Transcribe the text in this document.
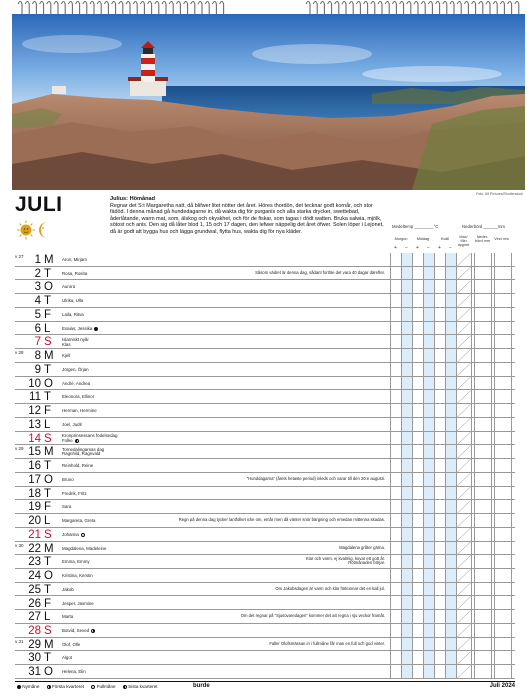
Foto: Alf Pictures/Shutterstock
JULI	Julius: Hömånad
Regnar det S:t Margaretha natt, då blifwer litet nötter det året. Höres thordön, det tecknar godt kornår, och stor fädöd. I denna månad gå hundedagarne in, då wakta dig för purganis och alla starka drycker, swettebad, åderlåtande, warm mat, som, älskog och okyskhet, och för de fiskar, som tagas i dödt watten. Bruka salwia, mjölk, sötost och anis. Den sig då låter blod 1, 15 och 17 dagen, den lefwer näppelig det året öfwer. Solen löper i Lejonet, då är godt att bygga hus och lägga grundwal, flytta hus, wakta dig för nya kläder.
Medeltemp ________°C	Nederbörd ______mm
Morgon	Middag	Kväll	Max/ Min dygnet
Neder- börd mm
Vind m/s
+	−	+	−	+	−
v 27 1 M Aron, Mirjam
2 T Rosa, Rosita	Såsom vädret är denna dag, sådant fortlöe det vara 40 dagar därefter.
3 O Aurora
4 T Ulrika, Ulla
5 F Laila, Ritva
6 L	Esaias, Jessika
7 S Islamiskt nyår
Klas
v 28 8 M Kjell
9 T Jörgen, Örjan
10 O André, Andrea
11 T Eleonora, Ellinor
12 F Herman, Hermine
13 L	Joel, Judit
14 S Kronprinsessans födelsedag
Folke
v 29 15 M Tornedalingarnas dag
Ragnhild, Ragnvald
16 T Reinhold, Reine
17 O Bruno	”Hunddagarna” (årets hetaste period) inleds och varar till den 20:e augusti.
18 T Fredrik, Fritz
19 F Sara
20 L	Margareta, Greta	Regn på denna dag tycker lantfolket icke om, emår men då vänter snör bärgning och emedan mittenna skadas.
21 S Johanna
v 30 22 M Magdalena, Madeleine	Magdalena gråter gärna.
23 T Emma, Emmy
Klar och varm, ej kvalmig, kovar ett gott år.
Rötmånaden börjar.
24 O Kristina, Kerstin
25 T Jakob	Om Jakobsdagen är varm och klar förkunnar det en kall jul.
26 F Jesper, Jasmine
27 L	Marta	Om det regnar på ”Sjusovaredagen” kommer det att regna i sju veckor framåt.
28 S Botvid, Seved
v 31 29 M Olof, Olle	Faller Olofsmässan in i fullmåne får man en full och god vinter.
30 T Algot
31 O Helena, Elin
Nymåne	Första kvarteret	Fullmåne	Sista kvarteret	burde	Juli 2024
